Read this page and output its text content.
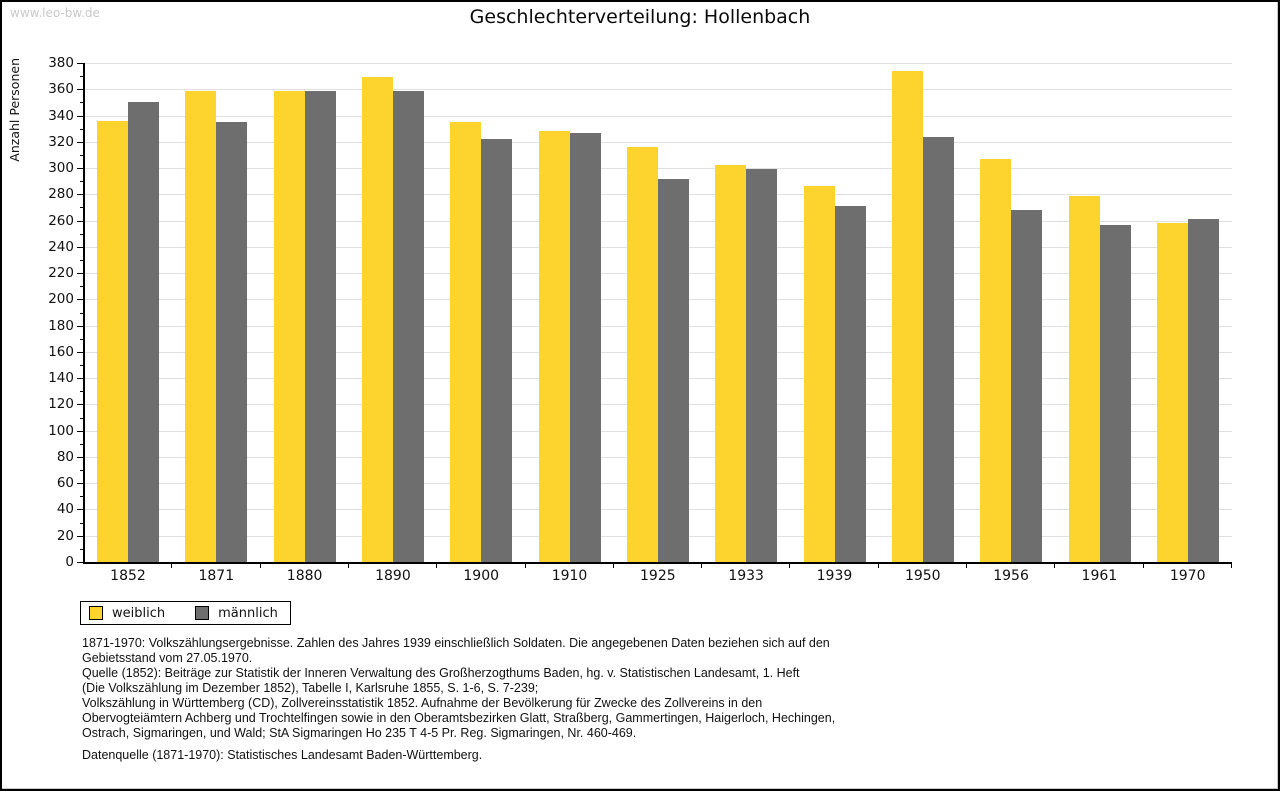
www.leo-bw.de	Geschlechterverteilung: Hollenbach
Anzahl Personen
0
20
40
60
80
100
120
140
160
180
200
220
240
260
280
300
320
340
360
380
1852	1871	1880	1890	1900	1910	1925	1933	1939	1950	1956	1961	1970
weiblich	männlich
1871-1970: Volkszählungsergebnisse. Zahlen des Jahres 1939 einschließlich Soldaten. Die angegebenen Daten beziehen sich auf den
Gebietsstand vom 27.05.1970.
Quelle (1852): Beiträge zur Statistik der Inneren Verwaltung des Großherzogthums Baden, hg. v. Statistischen Landesamt, 1. Heft
(Die Volkszählung im Dezember 1852), Tabelle I, Karlsruhe 1855, S. 1-6, S. 7-239;
Volkszählung in Württemberg (CD), Zollvereinsstatistik 1852. Aufnahme der Bevölkerung für Zwecke des Zollvereins in den
Obervogteiämtern Achberg und Trochtelfingen sowie in den Oberamtsbezirken Glatt, Straßberg, Gammertingen, Haigerloch, Hechingen,
Ostrach, Sigmaringen, und Wald; StA Sigmaringen Ho 235 T 4-5 Pr. Reg. Sigmaringen, Nr. 460-469.
Datenquelle (1871-1970): Statistisches Landesamt Baden-Württemberg.
